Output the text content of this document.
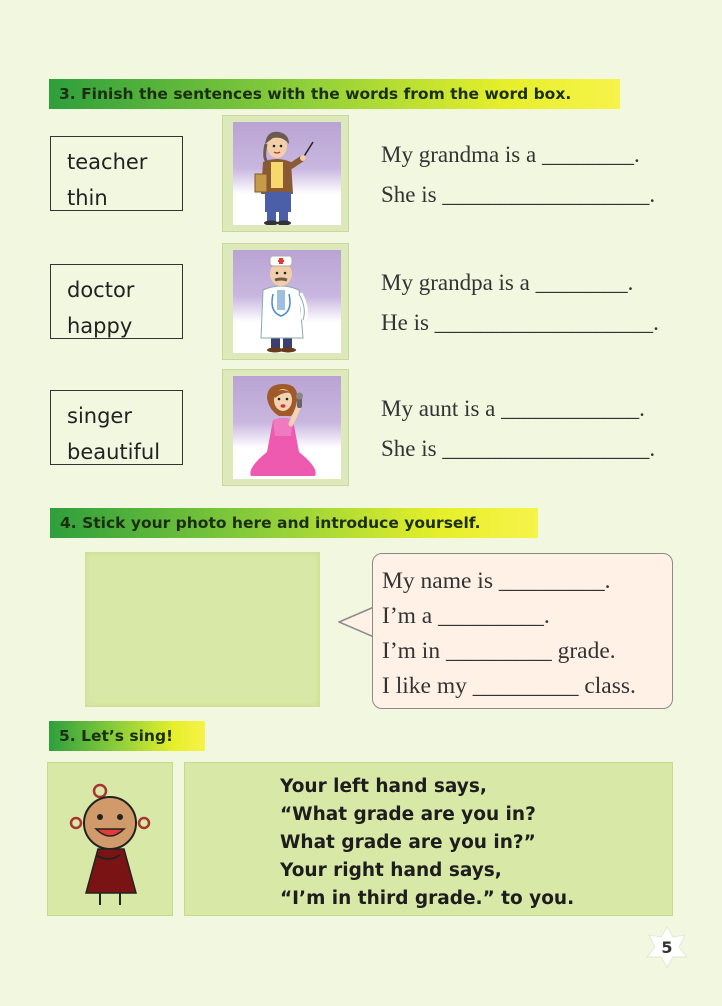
3. Finish the sentences with the words from the word box.
teacher
thin
My grandma is a ________.
She is __________________.
doctor
happy
My grandpa is a ________.
He is ___________________.
singer
beautiful
My aunt is a ____________.
She is __________________.
4. Stick your photo here and introduce yourself.
My name is _________.
I’m a _________.
I’m in _________ grade.
I like my _________ class.
5. Let’s sing!
Your left hand says,
“What grade are you in?
What grade are you in?”
Your right hand says,
“I’m in third grade.” to you.
5
